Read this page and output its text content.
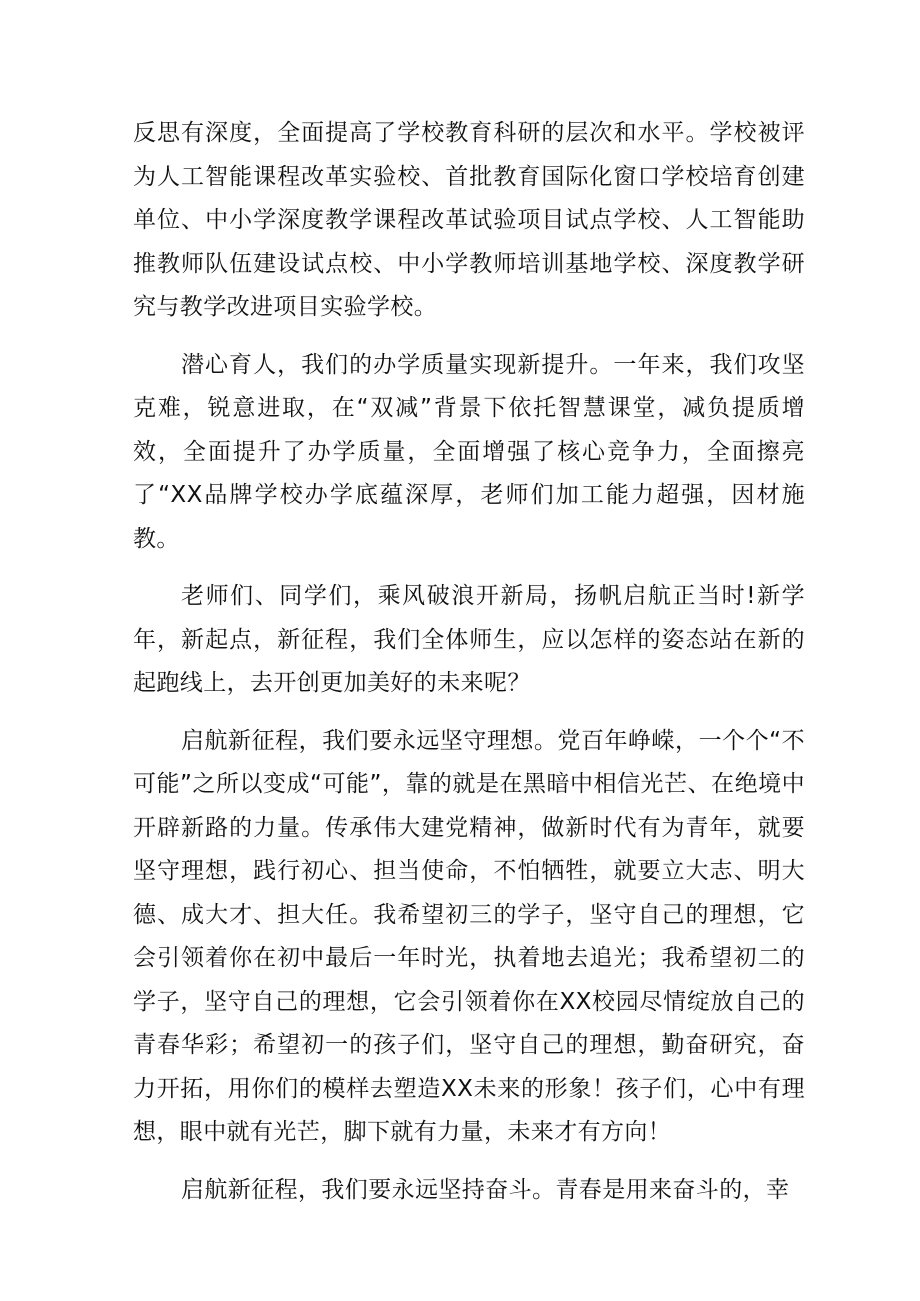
反思有深度，全面提高了学校教育科研的层次和水平。学校被评为人工智能课程改革实验校、首批教育国际化窗口学校培育创建单位、中小学深度教学课程改革试验项目试点学校、人工智能助推教师队伍建设试点校、中小学教师培训基地学校、深度教学研究与教学改进项目实验学校。

潜心育人，我们的办学质量实现新提升。一年来，我们攻坚克难，锐意进取，在“双减”背景下依托智慧课堂，减负提质增效，全面提升了办学质量，全面增强了核心竞争力，全面擦亮了“XX品牌学校办学底蕴深厚，老师们加工能力超强，因材施教。

老师们、同学们，乘风破浪开新局，扬帆启航正当时!新学年，新起点，新征程，我们全体师生，应以怎样的姿态站在新的起跑线上，去开创更加美好的未来呢？

启航新征程，我们要永远坚守理想。党百年峥嵘，一个个“不可能”之所以变成“可能”，靠的就是在黑暗中相信光芒、在绝境中开辟新路的力量。传承伟大建党精神，做新时代有为青年，就要坚守理想，践行初心、担当使命，不怕牺牲，就要立大志、明大德、成大才、担大任。我希望初三的学子，坚守自己的理想，它会引领着你在初中最后一年时光，执着地去追光；我希望初二的学子，坚守自己的理想，它会引领着你在XX校园尽情绽放自己的青春华彩；希望初一的孩子们，坚守自己的理想，勤奋研究，奋力开拓，用你们的模样去塑造XX未来的形象！孩子们，心中有理想，眼中就有光芒，脚下就有力量，未来才有方向！

启航新征程，我们要永远坚持奋斗。青春是用来奋斗的，幸
